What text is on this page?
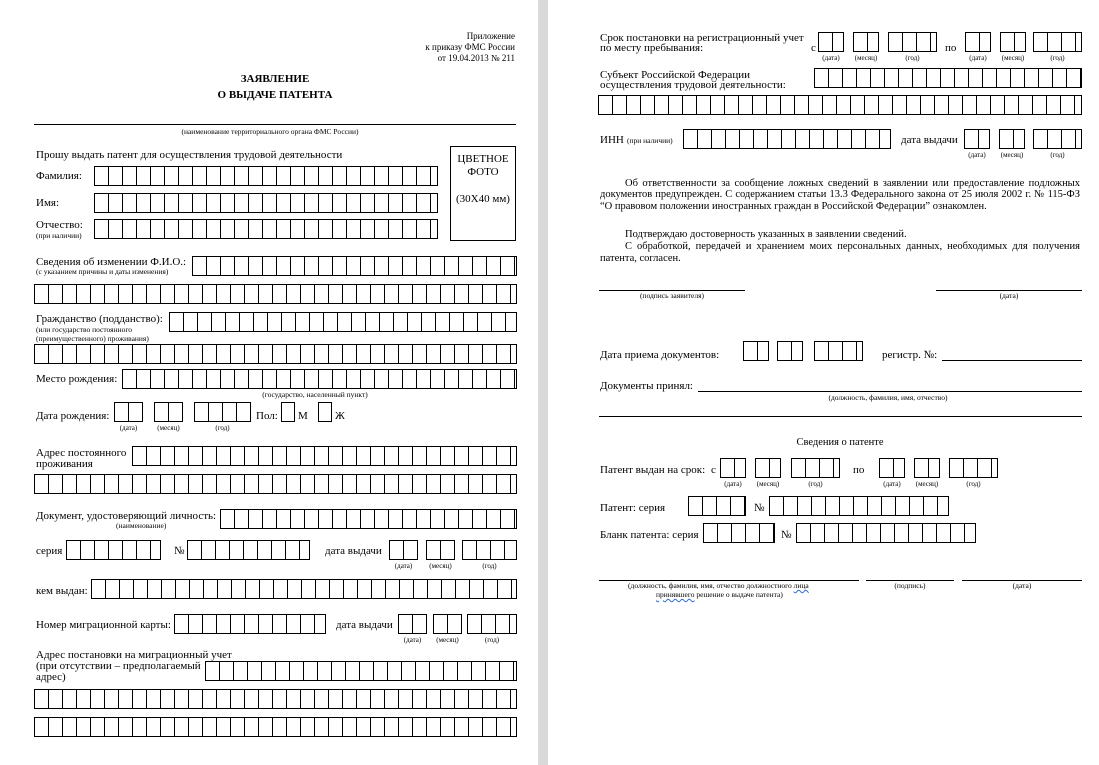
Приложение
к приказу ФМС России
от 19.04.2013 № 211
ЗАЯВЛЕНИЕ
О ВЫДАЧЕ ПАТЕНТА
(наименование территориального органа ФМС России)
Прошу выдать патент для осуществления трудовой деятельности	ЦВЕТНОЕ
ФОТО
(30Х40 мм)
Фамилия:
Имя:
Отчество:
(при наличии)
Сведения об изменении Ф.И.О.:
(с указанием причины и даты изменения)
Гражданство (подданство):
(или государство постоянного
(преимущественного) проживания)
Место рождения:
(государство, населенный пункт)
Дата рождения:
(дата)	(месяц)	(год)
Пол: М Ж
Адрес постоянного
проживания
Документ, удостоверяющий личность:
(наименование)
серия	№	дата выдачи
(дата)	(месяц)	(год)
кем выдан:
Номер миграционной карты:	дата выдачи
(дата)	(месяц)	(год)
Адрес постановки на миграционный учет
(при отсутствии – предполагаемый
адрес)
Срок постановки на регистрационный учет
по месту пребывания:	с	по
(дата)	(месяц)	(год)	(дата)	(месяц)	(год)
Субъект Российской Федерации
осуществления трудовой деятельности:
ИНН (при наличии)	дата выдачи
(дата)	(месяц)	(год)
Об ответственности за сообщение ложных сведений в заявлении или предоставление подложных документов предупрежден. С содержанием статьи 13.3 Федерального закона от 25 июля 2002 г. № 115-ФЗ “О правовом положении иностранных граждан в Российской Федерации” ознакомлен.
Подтверждаю достоверность указанных в заявлении сведений.
С обработкой, передачей и хранением моих персональных данных, необходимых для получения патента, согласен.
(подпись заявителя)	(дата)
Дата приема документов:	регистр. №:
Документы принял:
(должность, фамилия, имя, отчество)
Сведения о патенте
Патент выдан на срок: с	по
(дата)	(месяц)	(год)	(дата)	(месяц)	(год)
Патент: серия	№
Бланк патента: серия	№
(должность, фамилия, имя, отчество должностного лица
принявшего решение о выдаче патента)
(подпись)	(дата)
